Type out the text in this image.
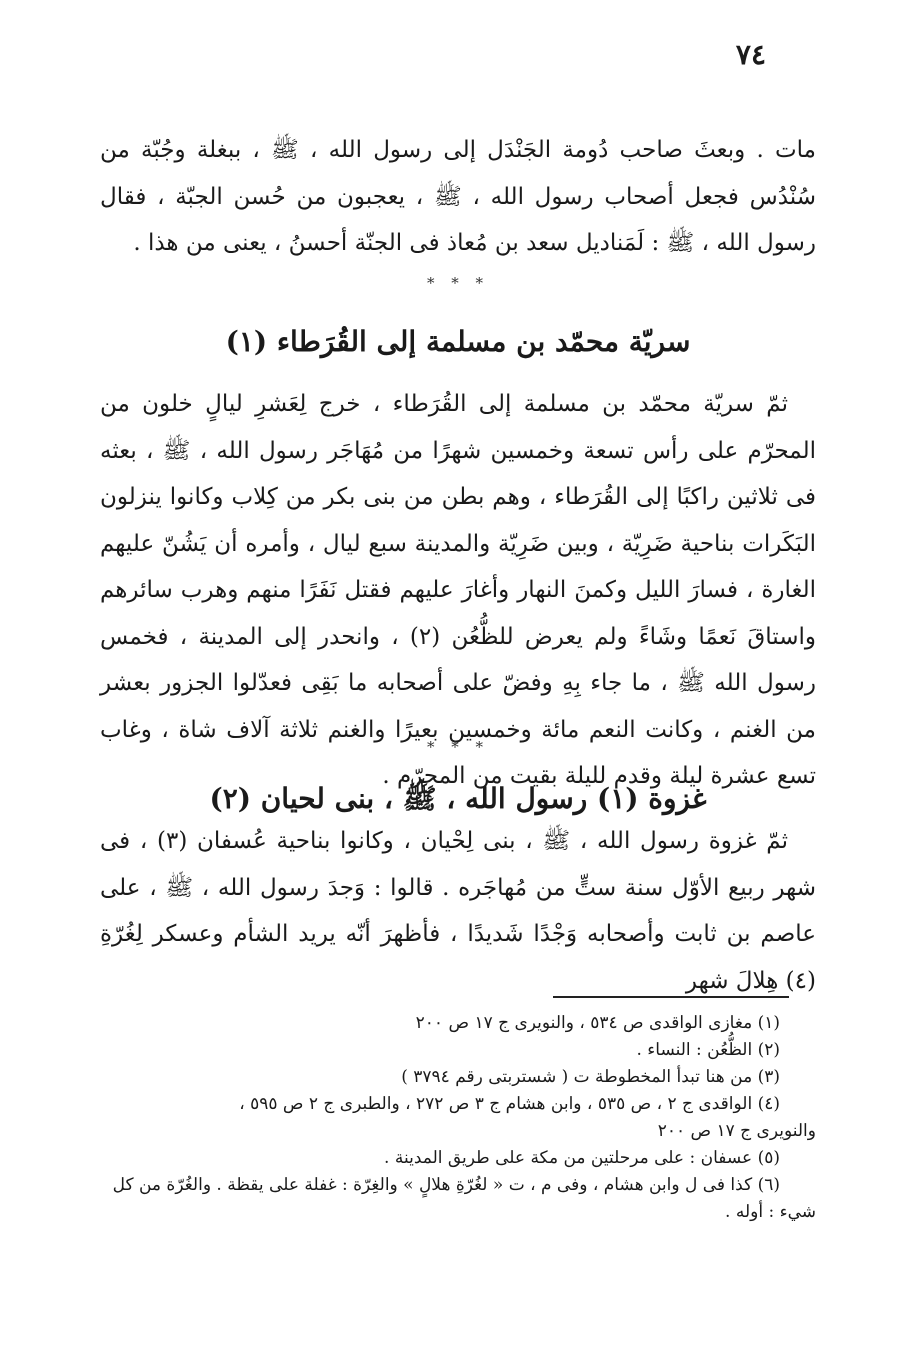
٧٤

مات . وبعثَ صاحب دُومة الجَنْدَل إلى رسول الله ، ﷺ ، ببغلة وجُبّة من سُنْدُس فجعل أصحاب رسول الله ، ﷺ ، يعجبون من حُسن الجبّة ، فقال رسول الله ، ﷺ : لَمَناديل سعد بن مُعاذ فى الجنّة أحسنُ ، يعنى من هذا .

* * *
سريّة محمّد بن مسلمة إلى القُرَطاء (١)

ثمّ سريّة محمّد بن مسلمة إلى القُرَطاء ، خرج لِعَشرِ ليالٍ خلون من المحرّم على رأس تسعة وخمسين شهرًا من مُهَاجَر رسول الله ، ﷺ ، بعثه فى ثلاثين راكبًا إلى القُرَطاء ، وهم بطن من بنى بكر من كِلاب وكانوا ينزلون البَكَرات بناحية ضَرِيّة ، وبين ضَرِيّة والمدينة سبع ليال ، وأمره أن يَشُنّ عليهم الغارة ، فسارَ الليل وكمنَ النهار وأغارَ عليهم فقتل نَفَرًا منهم وهرب سائرهم واستاقَ نَعمًا وشَاءً ولم يعرض للظُّعُن (٢) ، وانحدر إلى المدينة ، فخمس رسول الله ﷺ ، ما جاء بِهِ وفضّ على أصحابه ما بَقِى فعدّلوا الجزور بعشر من الغنم ، وكانت النعم مائة وخمسين بعيرًا والغنم ثلاثة آلاف شاة ، وغاب تسع عشرة ليلة وقدم لليلة بقيت من المحرّم .

* * *
غزوة (١) رسول الله ، ﷺ ، بنى لحيان (٢)

ثمّ غزوة رسول الله ، ﷺ ، بنى لِحْيان ، وكانوا بناحية عُسفان (٣) ، فى شهر ربيع الأوّل سنة ستٍّ من مُهاجَره . قالوا : وَجدَ رسول الله ، ﷺ ، على عاصم بن ثابت وأصحابه وَجْدًا شَديدًا ، فأظهرَ أنّه يريد الشأم وعسكر لِغُرّةِ (٤) هِلالَ شهر

(١) مغازى الواقدى ص ٥٣٤ ، والنويرى ج ١٧ ص ٢٠٠

(٢) الظُّعُن : النساء .

(٣) من هنا تبدأ المخطوطة ت ( شستربتى رقم ٣٧٩٤ )

(٤) الواقدى ج ٢ ، ص ٥٣٥ ، وابن هشام ج ٣ ص ٢٧٢ ، والطبرى ج ٢ ص ٥٩٥ ،

والنويرى ج ١٧ ص ٢٠٠

(٥) عسفان : على مرحلتين من مكة على طريق المدينة .

(٦) كذا فى ل وابن هشام ، وفى م ، ت « لغُرّةِ هلالٍ » والغِرّة : غفلة على يقظة . والغُرّة من كل

شيء : أوله .
